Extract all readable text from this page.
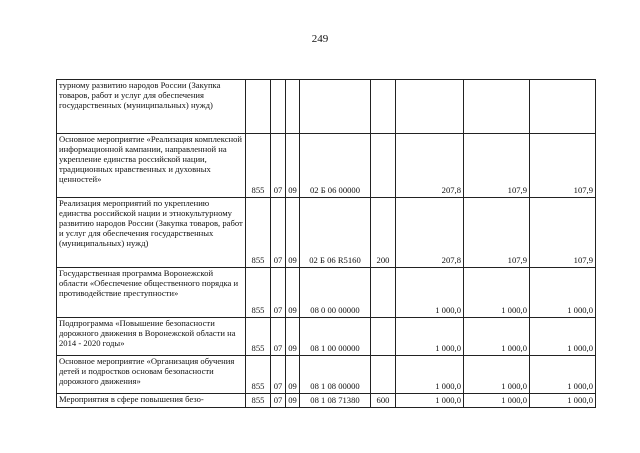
249
турному развитию народов России (Закупка товаров, работ и услуг для обеспечения государственных (муниципальных) нужд)								
Основное мероприятие «Реализация комплексной информационной кампании, направленной на укрепление единства российской нации, традиционных нравственных и духовных ценностей»	855	07	09	02 Б 06 00000		207,8	107,9	107,9
Реализация мероприятий по укреплению единства российской нации и этнокультурному развитию народов России (Закупка товаров, работ и услуг для обеспечения государственных (муниципальных) нужд)	855	07	09	02 Б 06 R5160	200	207,8	107,9	107,9
Государственная программа Воронежской области «Обеспечение общественного порядка и противодействие преступности»	855	07	09	08 0 00 00000		1 000,0	1 000,0	1 000,0
Подпрограмма «Повышение безопасности дорожного движения в Воронежской области на 2014 - 2020 годы»	855	07	09	08 1 00 00000		1 000,0	1 000,0	1 000,0
Основное мероприятие «Организация обучения детей и подростков основам безопасности дорожного движения»	855	07	09	08 1 08 00000		1 000,0	1 000,0	1 000,0
Мероприятия в сфере повышения безо-	855	07	09	08 1 08 71380	600	1 000,0	1 000,0	1 000,0
